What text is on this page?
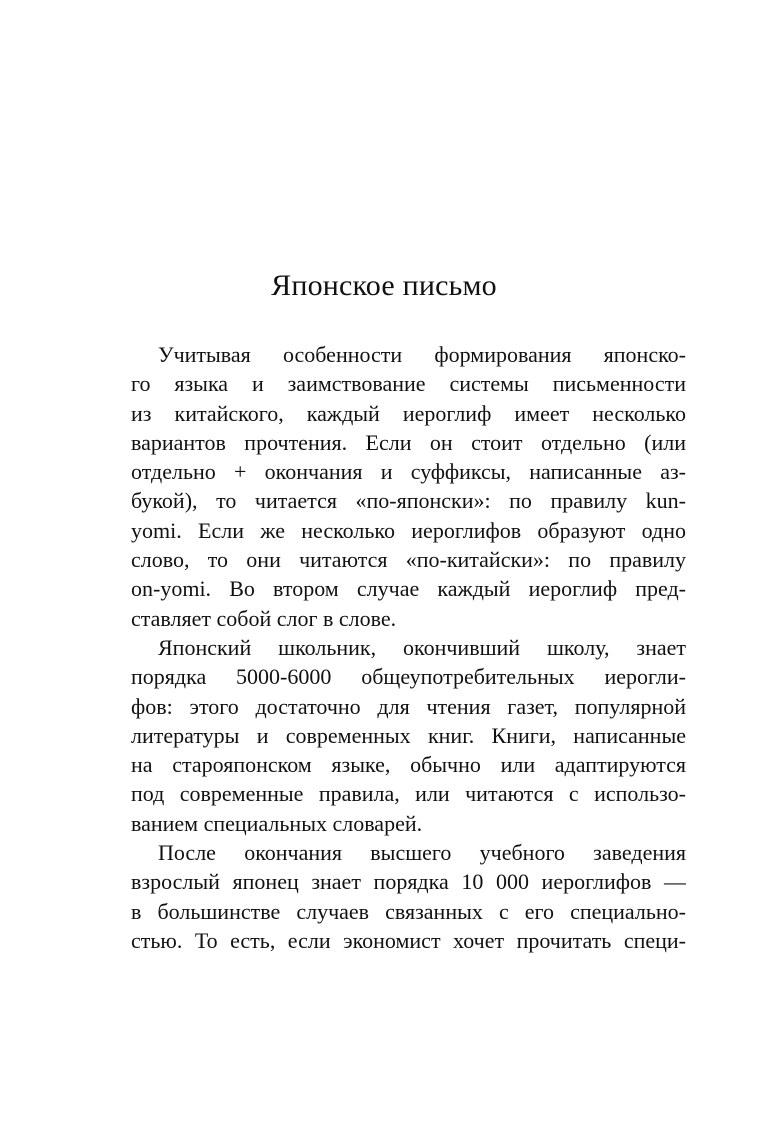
Японское письмо
Учитывая особенности формирования японско-
го языка и заимствование системы письменности
из китайского, каждый иероглиф имеет несколько
вариантов прочтения. Если он стоит отдельно (или
отдельно + окончания и суффиксы, написанные аз-
букой), то читается «по-японски»: по правилу kun-
yomi. Если же несколько иероглифов образуют одно
слово, то они читаются «по-китайски»: по правилу
on-yomi. Во втором случае каждый иероглиф пред-
ставляет собой слог в слове.
Японский школьник, окончивший школу, знает
порядка 5000-6000 общеупотребительных иерогли-
фов: этого достаточно для чтения газет, популярной
литературы и современных книг. Книги, написанные
на старояпонском языке, обычно или адаптируются
под современные правила, или читаются с использо-
ванием специальных словарей.
После окончания высшего учебного заведения
взрослый японец знает порядка 10 000 иероглифов —
в большинстве случаев связанных с его специально-
стью. То есть, если экономист хочет прочитать специ-
